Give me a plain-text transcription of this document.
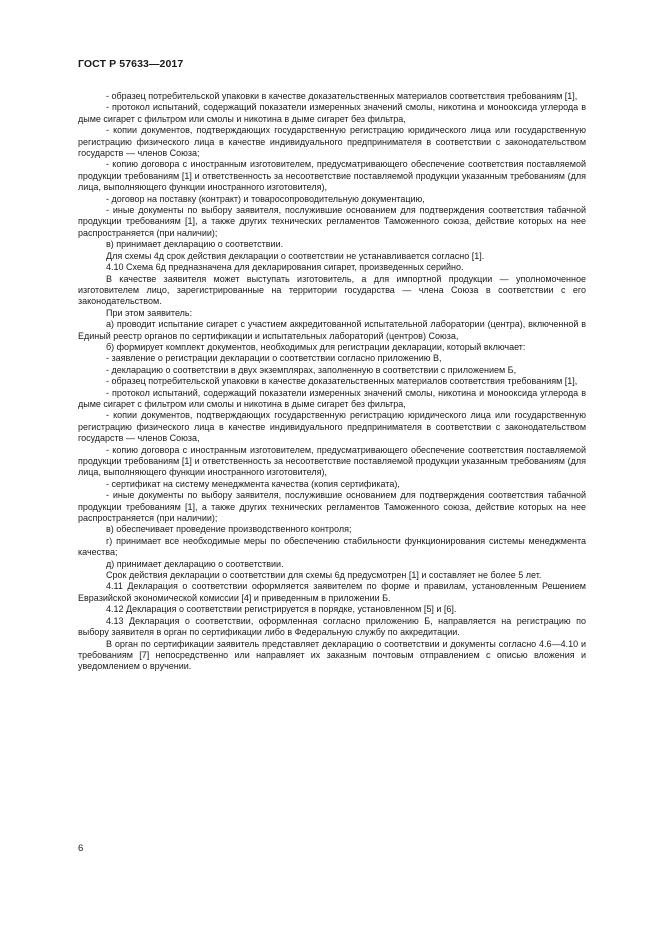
ГОСТ Р 57633—2017

- образец потребительской упаковки в качестве доказательственных материалов соответствия требованиям [1],

- протокол испытаний, содержащий показатели измеренных значений смолы, никотина и монооксида углерода в дыме сигарет с фильтром или смолы и никотина в дыме сигарет без фильтра,

- копии документов, подтверждающих государственную регистрацию юридического лица или государственную регистрацию физического лица в качестве индивидуального предпринимателя в соответствии с законодательством государств — членов Союза;

- копию договора с иностранным изготовителем, предусматривающего обеспечение соответствия поставляемой продукции требованиям [1] и ответственность за несоответствие поставляемой продукции указанным требованиям (для лица, выполняющего функции иностранного изготовителя),

- договор на поставку (контракт) и товаросопроводительную документацию,

- иные документы по выбору заявителя, послужившие основанием для подтверждения соответствия табачной продукции требованиям [1], а также других технических регламентов Таможенного союза, действие которых на нее распространяется (при наличии);

в) принимает декларацию о соответствии.

Для схемы 4д срок действия декларации о соответствии не устанавливается согласно [1].

4.10 Схема 6д предназначена для декларирования сигарет, произведенных серийно.

В качестве заявителя может выступать изготовитель, а для импортной продукции — уполномоченное изготовителем лицо, зарегистрированные на территории государства — члена Союза в соответствии с его законодательством.

При этом заявитель:

а) проводит испытание сигарет с участием аккредитованной испытательной лаборатории (центра), включенной в Единый реестр органов по сертификации и испытательных лабораторий (центров) Союза,

б) формирует комплект документов, необходимых для регистрации декларации, который включает:

- заявление о регистрации декларации о соответствии согласно приложению В,

- декларацию о соответствии в двух экземплярах, заполненную в соответствии с приложением Б,

- образец потребительской упаковки в качестве доказательственных материалов соответствия требованиям [1],

- протокол испытаний, содержащий показатели измеренных значений смолы, никотина и монооксида углерода в дыме сигарет с фильтром или смолы и никотина в дыме сигарет без фильтра,

- копии документов, подтверждающих государственную регистрацию юридического лица или государственную регистрацию физического лица в качестве индивидуального предпринимателя в соответствии с законодательством государств — членов Союза,

- копию договора с иностранным изготовителем, предусматривающего обеспечение соответствия поставляемой продукции требованиям [1] и ответственность за несоответствие поставляемой продукции указанным требованиям (для лица, выполняющего функции иностранного изготовителя),

- сертификат на систему менеджмента качества (копия сертификата),

- иные документы по выбору заявителя, послужившие основанием для подтверждения соответствия табачной продукции требованиям [1], а также других технических регламентов Таможенного союза, действие которых на нее распространяется (при наличии);

в) обеспечивает проведение производственного контроля;

г) принимает все необходимые меры по обеспечению стабильности функционирования системы менеджмента качества;

д) принимает декларацию о соответствии.

Срок действия декларации о соответствии для схемы 6д предусмотрен [1] и составляет не более 5 лет.

4.11 Декларация о соответствии оформляется заявителем по форме и правилам, установленным Решением Евразийской экономической комиссии [4] и приведенным в приложении Б.

4.12 Декларация о соответствии регистрируется в порядке, установленном [5] и [6].

4.13 Декларация о соответствии, оформленная согласно приложению Б, направляется на регистрацию по выбору заявителя в орган по сертификации либо в Федеральную службу по аккредитации.

В орган по сертификации заявитель представляет декларацию о соответствии и документы согласно 4.6—4.10 и требованиям [7] непосредственно или направляет их заказным почтовым отправлением с описью вложения и уведомлением о вручении.

6
